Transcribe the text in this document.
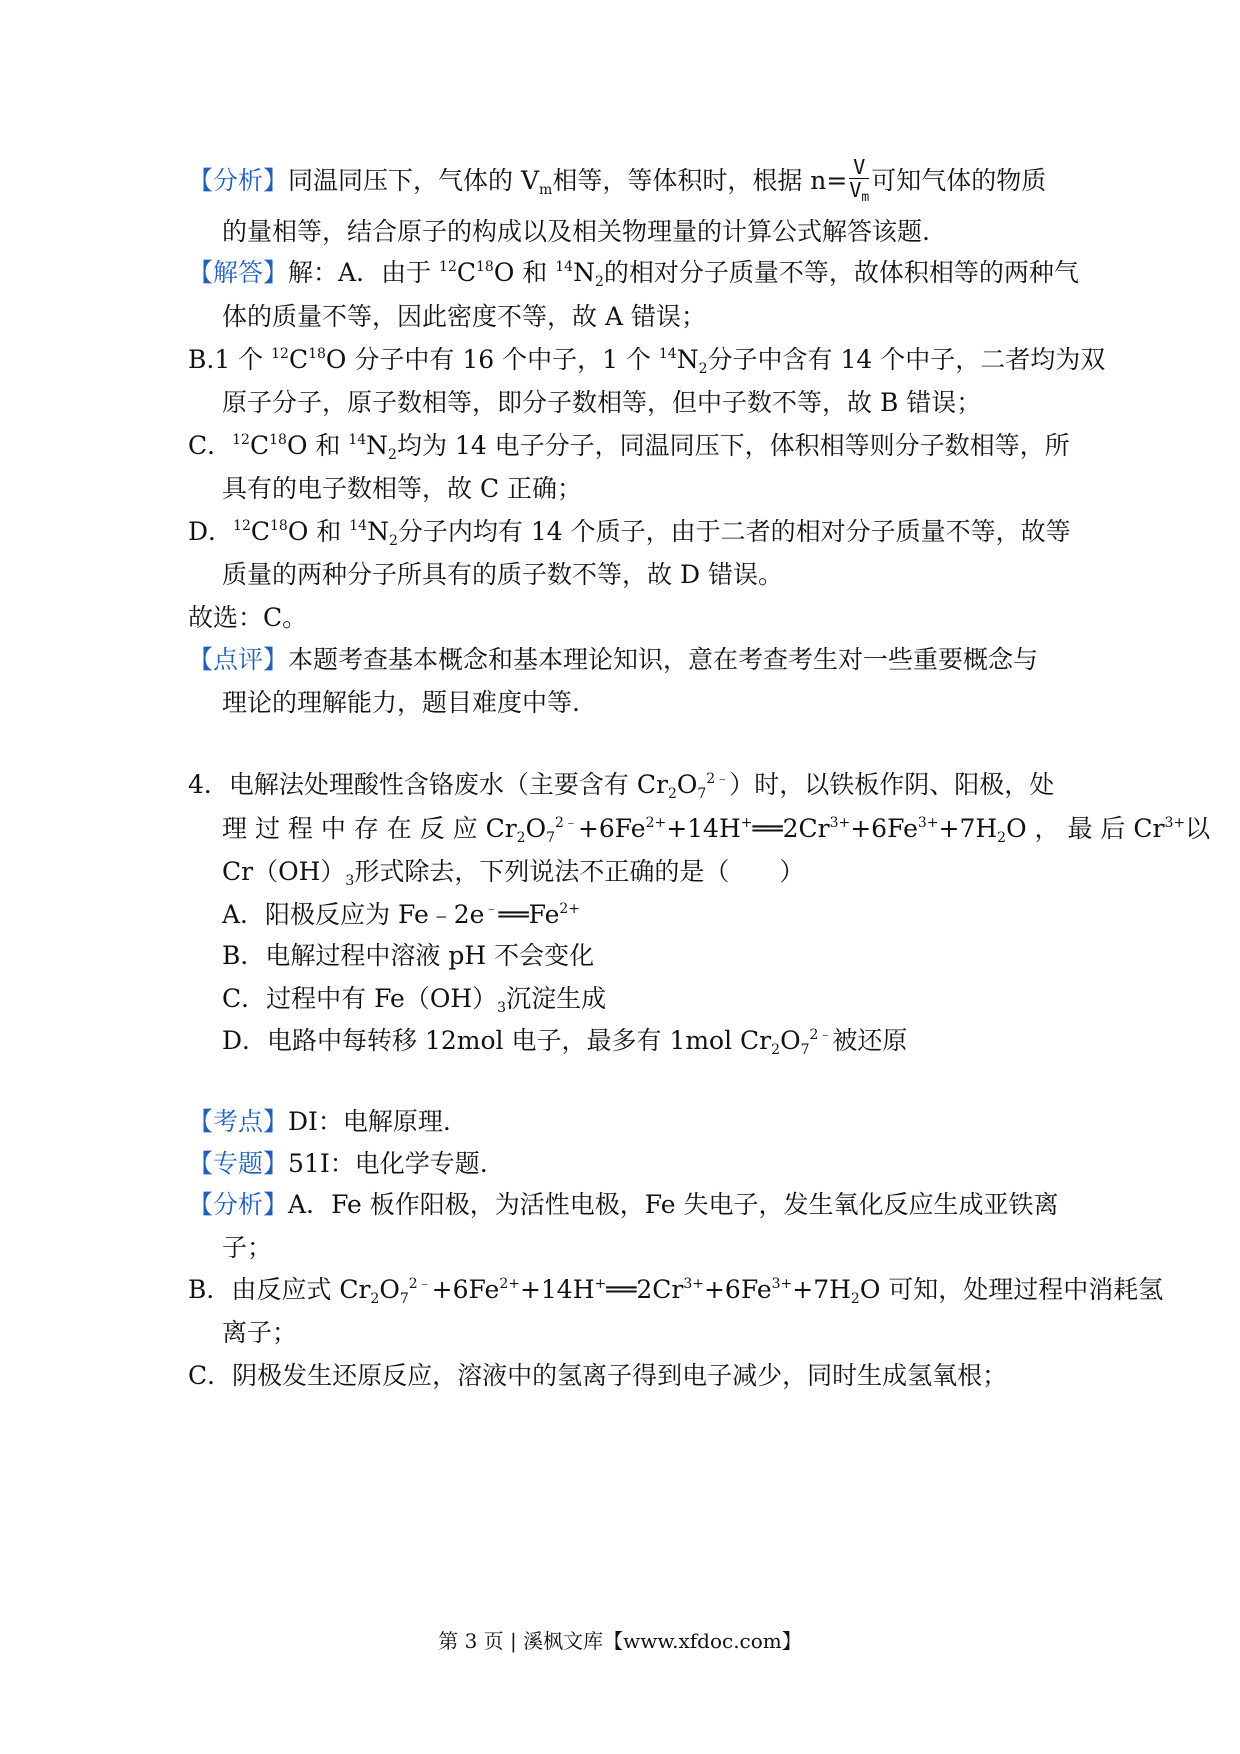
【分析】同温同压下，气体的 $V_m$相等，等体积时，根据 $n= \frac{V}{V_m}$ 可知气体的物质
的量相等，结合原子的构成以及相关物理量的计算公式解答该题.
【解答】解：A．由于 $^{12}C^{18}O$ 和 $^{14}N_2$的相对分子质量不等，故体积相等的两种气
体的质量不等，因此密度不等，故 A 错误；
B.1 个 $^{12}C^{18}O$ 分子中有 16 个中子，1 个 $^{14}N_2$分子中含有 14 个中子，二者均为双
原子分子，原子数相等，即分子数相等，但中子数不等，故 B 错误；
C．$^{12}C^{18}O$ 和 $^{14}N_2$均为 14 电子分子，同温同压下，体积相等则分子数相等，所
具有的电子数相等，故 C 正确；
D．$^{12}C^{18}O$ 和 $^{14}N_2$分子内均有 14 个质子，由于二者的相对分子质量不等，故等
质量的两种分子所具有的质子数不等，故 D 错误。
故选：C。
【点评】本题考查基本概念和基本理论知识，意在考查考生对一些重要概念与
理论的理解能力，题目难度中等.
4．电解法处理酸性含铬废水（主要含有 $Cr_2O_7^{2﹣}$）时，以铁板作阴、阳极，处
理 过 程 中 存 在 反 应 $Cr_2O_7^{2﹣}+6Fe^{2+}+14H^+══2Cr^{3+}+6Fe^{3+}+7H_2O$ ， 最 后 $Cr^{3+}$以
$Cr(OH)_3$形式除去，下列说法不正确的是（　　）
A．阳极反应为 $Fe﹣2e^﹣══Fe^{2+}$
B．电解过程中溶液 pH 不会变化
C．过程中有 $Fe(OH)_3$沉淀生成
D．电路中每转移 12mol 电子，最多有 1mol $Cr_2O_7^{2﹣}$被还原
【考点】DI：电解原理.
【专题】51I：电化学专题.
【分析】A．Fe 板作阳极，为活性电极，Fe 失电子，发生氧化反应生成亚铁离
子；
B．由反应式 $Cr_2O_7^{2﹣}+6Fe^{2+}+14H^+══2Cr^{3+}+6Fe^{3+}+7H_2O$ 可知，处理过程中消耗氢
离子；
C．阴极发生还原反应，溶液中的氢离子得到电子减少，同时生成氢氧根；
第 3 页 | 溪枫文库【www.xfdoc.com】
